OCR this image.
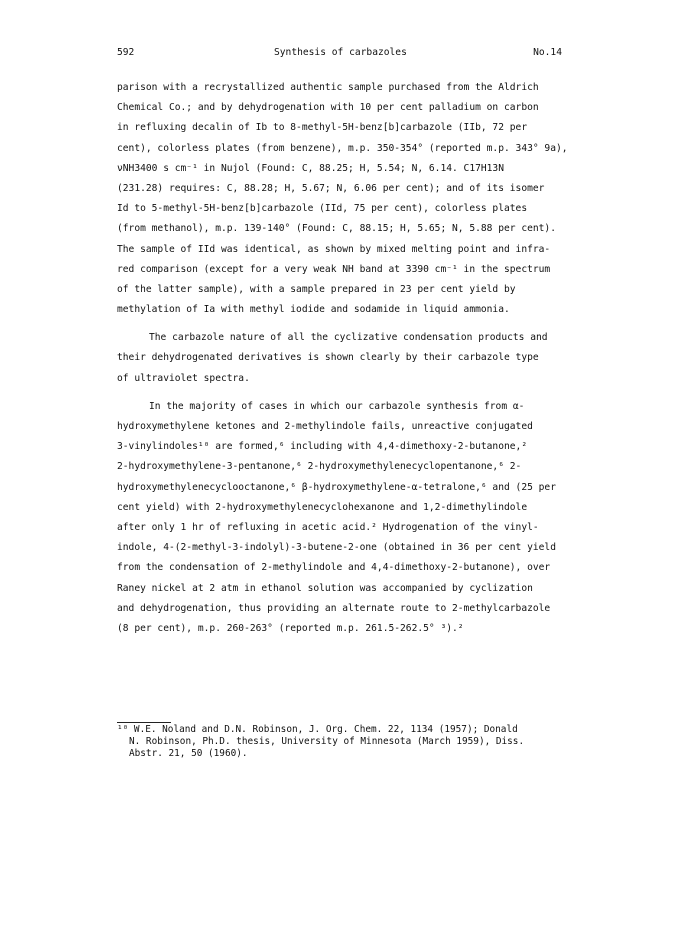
592	Synthesis of carbazoles	No.14
parison with a recrystallized authentic sample purchased from the Aldrich
Chemical Co.; and by dehydrogenation with 10 per cent palladium on carbon
in refluxing decalin of Ib to 8-methyl-5H-benz[b]carbazole (IIb, 72 per
cent), colorless plates (from benzene), m.p. 350-354° (reported m.p. 343° 9a),
νNH3400 s cm⁻¹ in Nujol (Found: C, 88.25; H, 5.54; N, 6.14. C17H13N
(231.28) requires: C, 88.28; H, 5.67; N, 6.06 per cent); and of its isomer
Id to 5-methyl-5H-benz[b]carbazole (IId, 75 per cent), colorless plates
(from methanol), m.p. 139-140° (Found: C, 88.15; H, 5.65; N, 5.88 per cent).
The sample of IId was identical, as shown by mixed melting point and infra-
red comparison (except for a very weak NH band at 3390 cm⁻¹ in the spectrum
of the latter sample), with a sample prepared in 23 per cent yield by
methylation of Ia with methyl iodide and sodamide in liquid ammonia.
The carbazole nature of all the cyclizative condensation products and
their dehydrogenated derivatives is shown clearly by their carbazole type
of ultraviolet spectra.
In the majority of cases in which our carbazole synthesis from α-
hydroxymethylene ketones and 2-methylindole fails, unreactive conjugated
3-vinylindoles¹⁰ are formed,⁶ including with 4,4-dimethoxy-2-butanone,²
2-hydroxymethylene-3-pentanone,⁶ 2-hydroxymethylenecyclopentanone,⁶ 2-
hydroxymethylenecyclooctanone,⁶ β-hydroxymethylene-α-tetralone,⁶ and (25 per
cent yield) with 2-hydroxymethylenecyclohexanone and 1,2-dimethylindole
after only 1 hr of refluxing in acetic acid.² Hydrogenation of the vinyl-
indole, 4-(2-methyl-3-indolyl)-3-butene-2-one (obtained in 36 per cent yield
from the condensation of 2-methylindole and 4,4-dimethoxy-2-butanone), over
Raney nickel at 2 atm in ethanol solution was accompanied by cyclization
and dehydrogenation, thus providing an alternate route to 2-methylcarbazole
(8 per cent), m.p. 260-263° (reported m.p. 261.5-262.5° ³).²
¹⁰ W.E. Noland and D.N. Robinson, J. Org. Chem. 22, 1134 (1957); Donald
N. Robinson, Ph.D. thesis, University of Minnesota (March 1959), Diss.
Abstr. 21, 50 (1960).
